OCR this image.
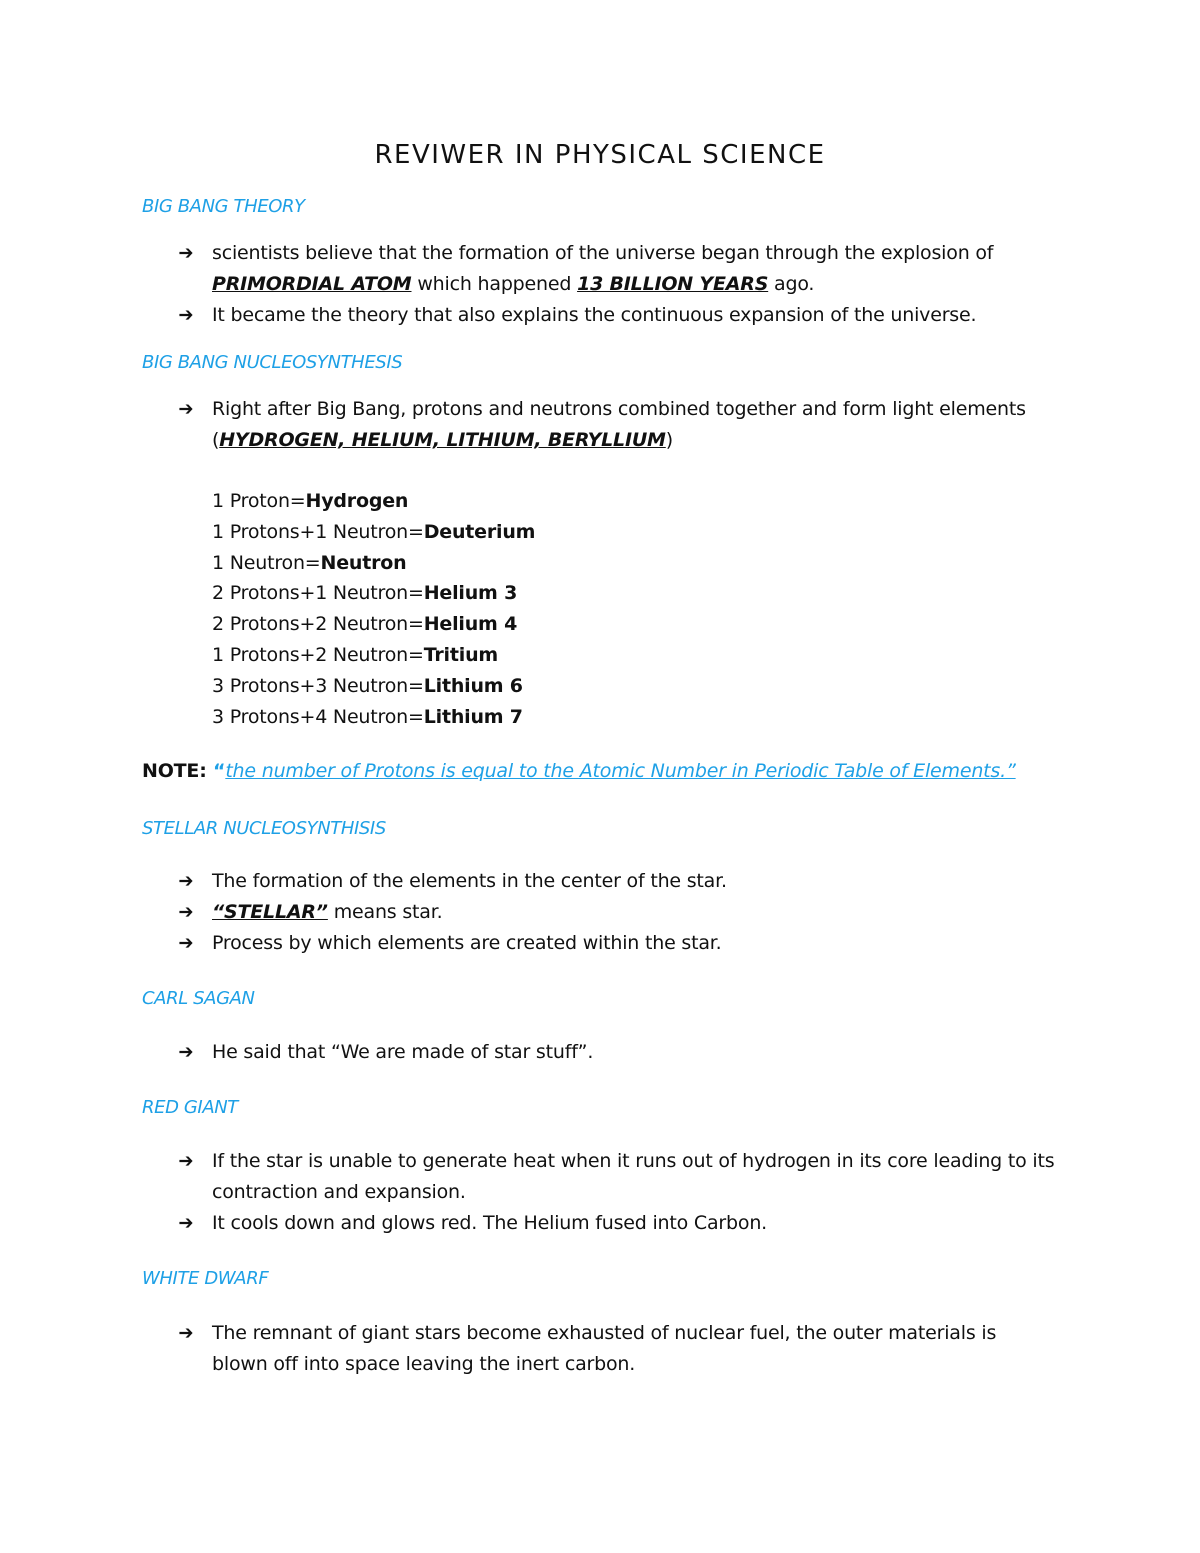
REVIWER IN PHYSICAL SCIENCE
BIG BANG THEORY
➔ scientists believe that the formation of the universe began through the explosion of
PRIMORDIAL ATOM which happened 13 BILLION YEARS ago.
➔ It became the theory that also explains the continuous expansion of the universe.
BIG BANG NUCLEOSYNTHESIS
➔ Right after Big Bang, protons and neutrons combined together and form light elements
(HYDROGEN, HELIUM, LITHIUM, BERYLLIUM)
1 Proton=Hydrogen
1 Protons+1 Neutron=Deuterium
1 Neutron=Neutron
2 Protons+1 Neutron=Helium 3
2 Protons+2 Neutron=Helium 4
1 Protons+2 Neutron=Tritium
3 Protons+3 Neutron=Lithium 6
3 Protons+4 Neutron=Lithium 7
NOTE: “the number of Protons is equal to the Atomic Number in Periodic Table of Elements.”
STELLAR NUCLEOSYNTHISIS
➔ The formation of the elements in the center of the star.
➔ “STELLAR” means star.
➔ Process by which elements are created within the star.
CARL SAGAN
➔ He said that “We are made of star stuff”.
RED GIANT
➔ If the star is unable to generate heat when it runs out of hydrogen in its core leading to its contraction and expansion.
➔ It cools down and glows red. The Helium fused into Carbon.
WHITE DWARF
➔ The remnant of giant stars become exhausted of nuclear fuel, the outer materials is blown off into space leaving the inert carbon.
